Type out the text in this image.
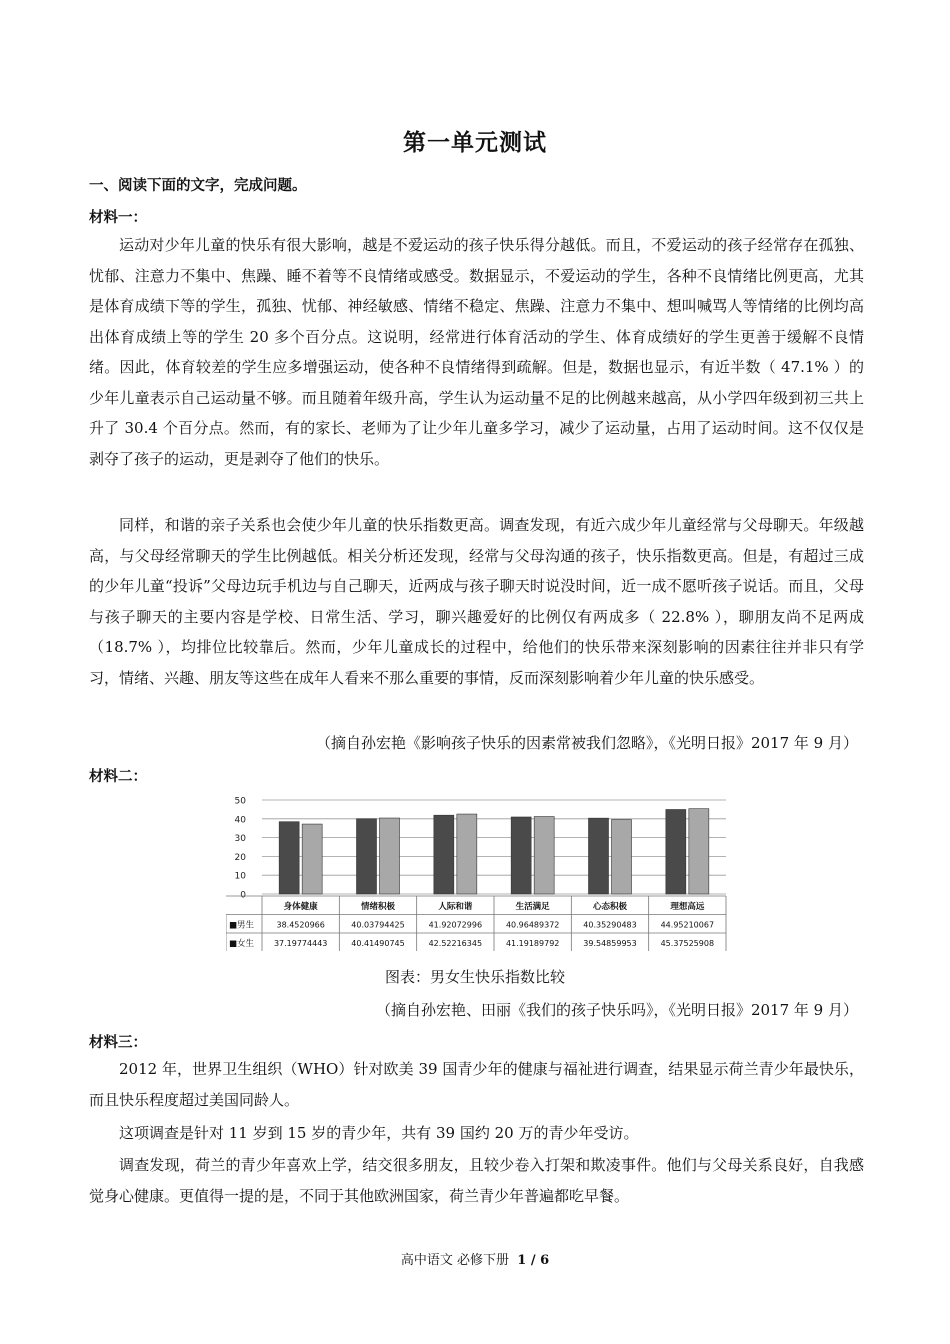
第一单元测试
一、阅读下面的文字，完成问题。
材料一：

运动对少年儿童的快乐有很大影响，越是不爱运动的孩子快乐得分越低。而且，不爱运动的孩子经常存在孤独、忧郁、注意力不集中、焦躁、睡不着等不良情绪或感受。数据显示，不爱运动的学生，各种不良情绪比例更高，尤其是体育成绩下等的学生，孤独、忧郁、神经敏感、情绪不稳定、焦躁、注意力不集中、想叫喊骂人等情绪的比例均高出体育成绩上等的学生 20 多个百分点。这说明，经常进行体育活动的学生、体育成绩好的学生更善于缓解不良情绪。因此，体育较差的学生应多增强运动，使各种不良情绪得到疏解。但是，数据也显示，有近半数（ 47.1% ）的少年儿童表示自己运动量不够。而且随着年级升高，学生认为运动量不足的比例越来越高，从小学四年级到初三共上升了 30.4 个百分点。然而，有的家长、老师为了让少年儿童多学习，减少了运动量，占用了运动时间。这不仅仅是剥夺了孩子的运动，更是剥夺了他们的快乐。

同样，和谐的亲子关系也会使少年儿童的快乐指数更高。调查发现，有近六成少年儿童经常与父母聊天。年级越高，与父母经常聊天的学生比例越低。相关分析还发现，经常与父母沟通的孩子，快乐指数更高。但是，有超过三成的少年儿童“投诉”父母边玩手机边与自己聊天，近两成与孩子聊天时说没时间，近一成不愿听孩子说话。而且，父母与孩子聊天的主要内容是学校、日常生活、学习，聊兴趣爱好的比例仅有两成多（ 22.8% ），聊朋友尚不足两成（18.7% ），均排位比较靠后。然而，少年儿童成长的过程中，给他们的快乐带来深刻影响的因素往往并非只有学习，情绪、兴趣、朋友等这些在成年人看来不那么重要的事情，反而深刻影响着少年儿童的快乐感受。

（摘自孙宏艳《影响孩子快乐的因素常被我们忽略》，《光明日报》2017 年 9 月）
材料二：
0
10
20
30
40
50
身体健康	情绪积极	人际和谐	生活满足	心态积极	理想高远
■男生	38.4520966	40.03794425	41.92072996	40.96489372	40.35290483	44.95210067
■女生 37.19774443	40.41490745	42.52216345	41.19189792	39.54859953	45.37525908
图表：男女生快乐指数比较
（摘自孙宏艳、田丽《我们的孩子快乐吗》，《光明日报》2017 年 9 月）
材料三：

2012 年，世界卫生组织（WHO）针对欧美 39 国青少年的健康与福祉进行调查，结果显示荷兰青少年最快乐，而且快乐程度超过美国同龄人。

这项调查是针对 11 岁到 15 岁的青少年，共有 39 国约 20 万的青少年受访。

调查发现，荷兰的青少年喜欢上学，结交很多朋友，且较少卷入打架和欺凌事件。他们与父母关系良好，自我感觉身心健康。更值得一提的是，不同于其他欧洲国家，荷兰青少年普遍都吃早餐。

高中语文 必修下册 1 / 6
